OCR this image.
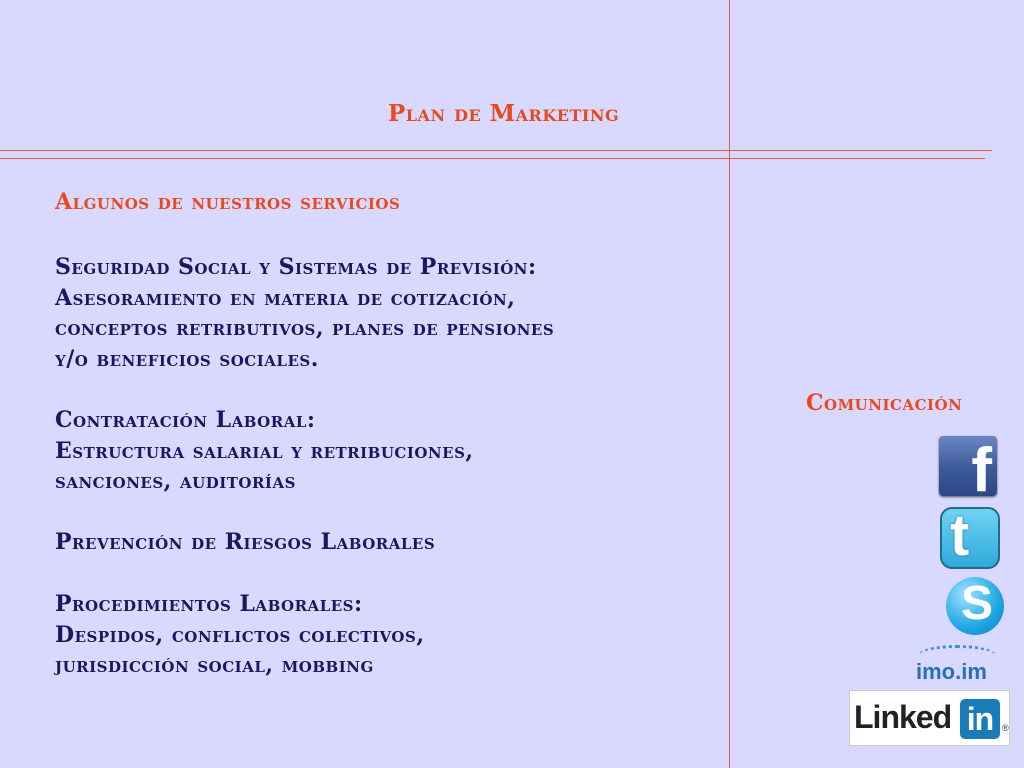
Plan de Marketing
Algunos de nuestros servicios
Seguridad Social y Sistemas de Previsión:
Asesoramiento en materia de cotización,
conceptos retributivos, planes de pensiones
y/o beneficios sociales.
Contratación Laboral:
Estructura salarial y retribuciones,
sanciones, auditorías
Prevención de Riesgos Laborales
Procedimientos Laborales:
Despidos, conflictos colectivos,
jurisdicción social, mobbing
Comunicación
f
t
S
imo.im
Linked in ®
